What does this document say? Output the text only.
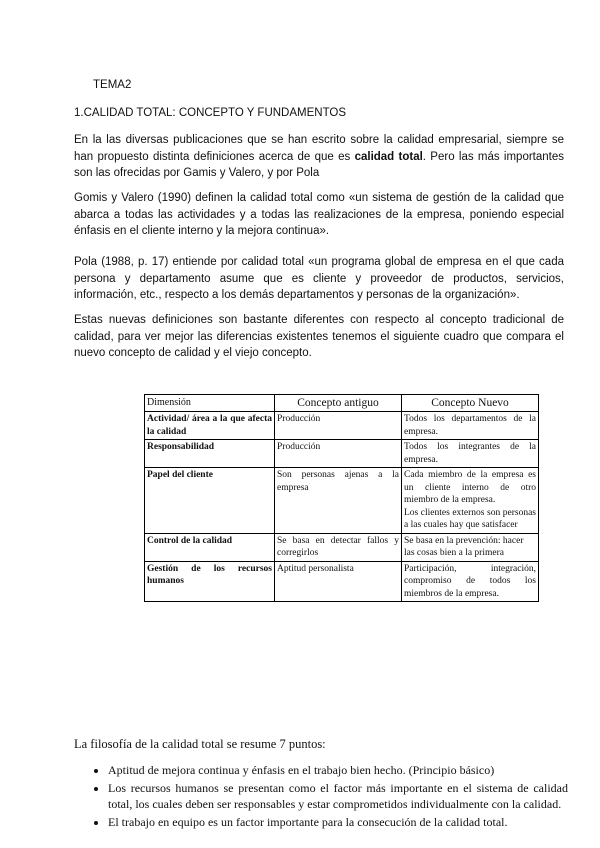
TEMA2
1.CALIDAD TOTAL: CONCEPTO Y FUNDAMENTOS

En la las diversas publicaciones que se han escrito sobre la calidad empresarial, siempre se han propuesto distinta definiciones acerca de que es calidad total. Pero las más importantes son las ofrecidas por Gamis y Valero, y por Pola

Gomis y Valero (1990) definen la calidad total como «un sistema de gestión de la calidad que abarca a todas las actividades y a todas las realizaciones de la empresa, poniendo especial énfasis en el cliente interno y la mejora continua».

Pola (1988, p. 17) entiende por calidad total «un programa global de empresa en el que cada persona y departamento asume que es cliente y proveedor de productos, servicios, información, etc., respecto a los demás departamentos y personas de la organización».

Estas nuevas definiciones son bastante diferentes con respecto al concepto tradicional de calidad, para ver mejor las diferencias existentes tenemos el siguiente cuadro que compara el nuevo concepto de calidad y el viejo concepto.

Dimensión	Concepto antiguo	Concepto Nuevo
Actividad/ área a la que afecta la calidad	Producción	Todos los departamentos de la empresa.
Responsabilidad	Producción	Todos los integrantes de la empresa.
Papel del cliente	Son personas ajenas a la empresa	Cada miembro de la empresa es un cliente interno de otro miembro de la empresa.
Los clientes externos son personas a las cuales hay que satisfacer

Control de la calidad	Se basa en detectar fallos y corregirlos	Se basa en la prevención: hacer las cosas bien a la primera
Gestión de los recursos humanos	Aptitud personalista	Participación, integración, compromiso de todos los miembros de la empresa.
La filosofía de la calidad total se resume 7 puntos:
• Aptitud de mejora continua y énfasis en el trabajo bien hecho. (Principio básico)
• Los recursos humanos se presentan como el factor más importante en el sistema de calidad total, los cuales deben ser responsables y estar comprometidos individualmente con la calidad.
• El trabajo en equipo es un factor importante para la consecución de la calidad total.
